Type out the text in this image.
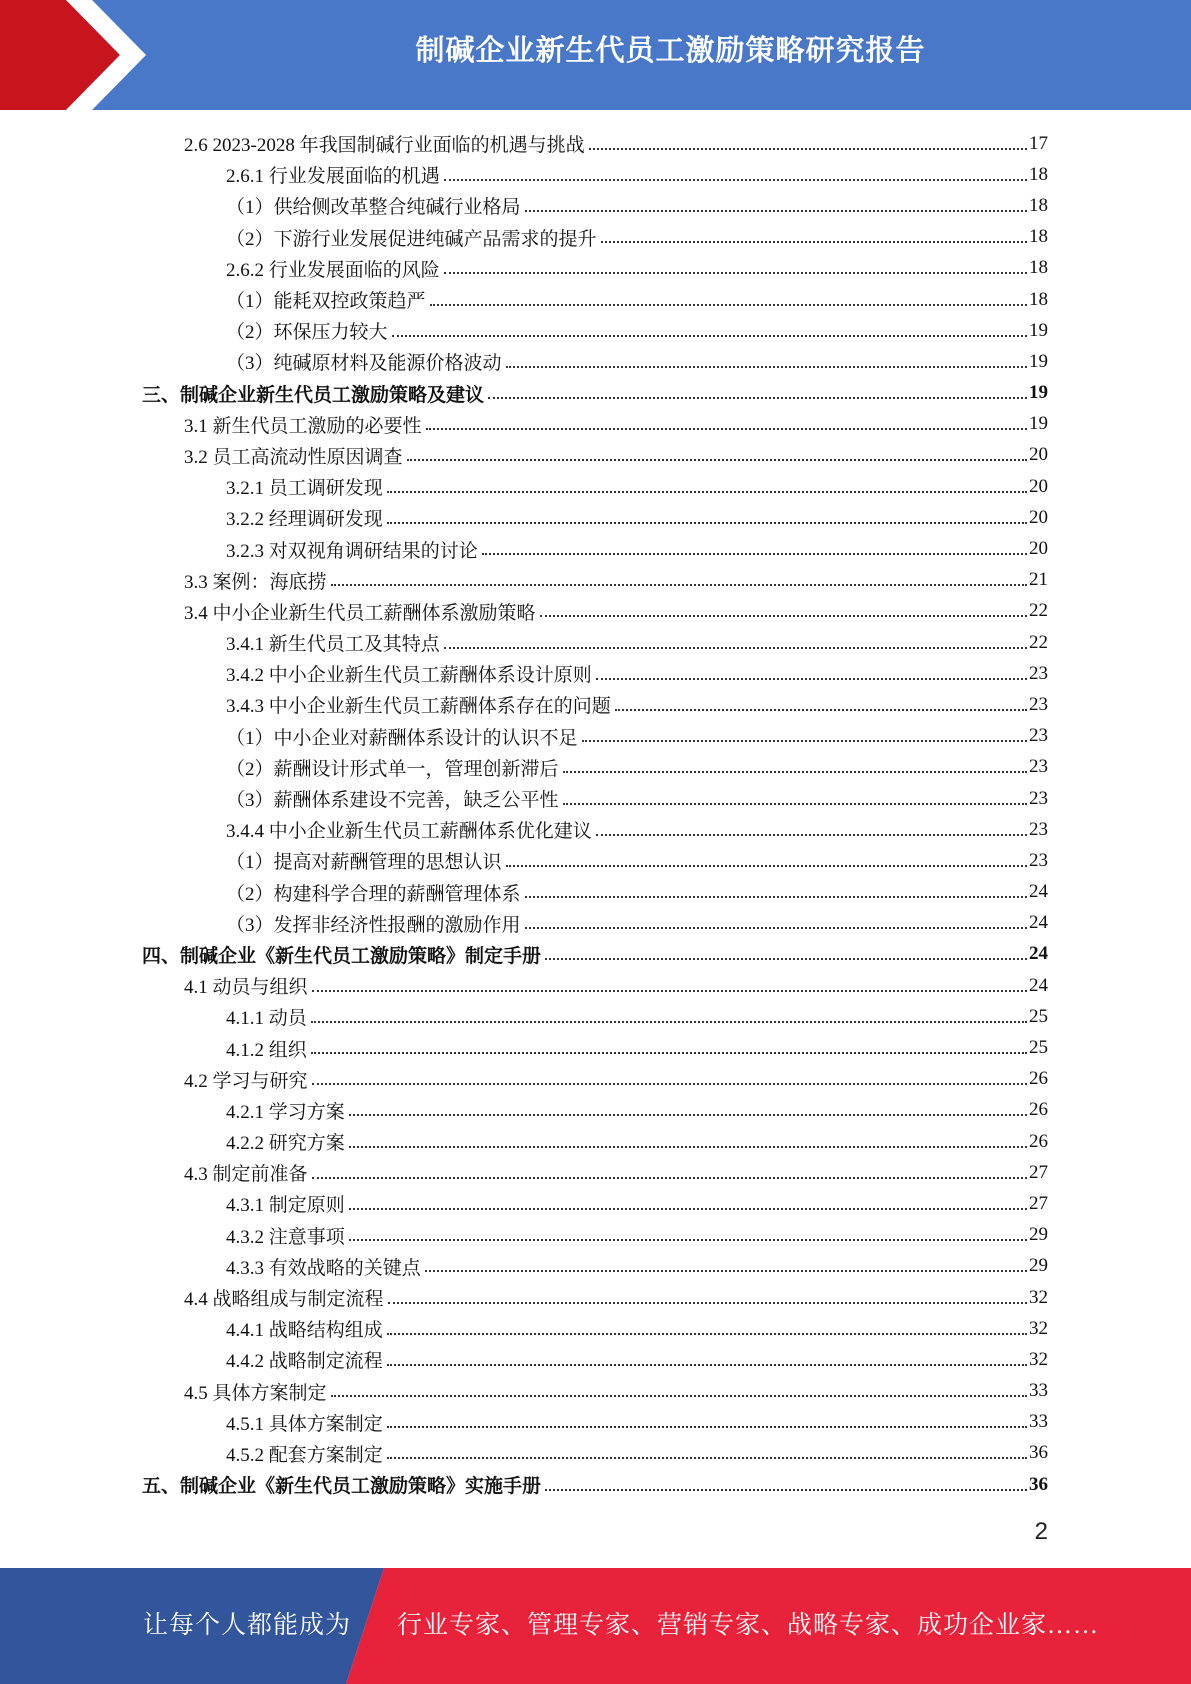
制碱企业新生代员工激励策略研究报告
2.6 2023-2028 年我国制碱行业面临的机遇与挑战	17
2.6.1 行业发展面临的机遇	18
（1）供给侧改革整合纯碱行业格局	18
（2）下游行业发展促进纯碱产品需求的提升	18
2.6.2 行业发展面临的风险	18
（1）能耗双控政策趋严	18
（2）环保压力较大	19
（3）纯碱原材料及能源价格波动	19
三、制碱企业新生代员工激励策略及建议	19
3.1 新生代员工激励的必要性	19
3.2 员工高流动性原因调查	20
3.2.1 员工调研发现	20
3.2.2 经理调研发现	20
3.2.3 对双视角调研结果的讨论	20
3.3 案例：海底捞	21
3.4 中小企业新生代员工薪酬体系激励策略	22
3.4.1 新生代员工及其特点	22
3.4.2 中小企业新生代员工薪酬体系设计原则	23
3.4.3 中小企业新生代员工薪酬体系存在的问题	23
（1）中小企业对薪酬体系设计的认识不足	23
（2）薪酬设计形式单一，管理创新滞后	23
（3）薪酬体系建设不完善，缺乏公平性	23
3.4.4 中小企业新生代员工薪酬体系优化建议	23
（1）提高对薪酬管理的思想认识	23
（2）构建科学合理的薪酬管理体系	24
（3）发挥非经济性报酬的激励作用	24
四、制碱企业《新生代员工激励策略》制定手册	24
4.1 动员与组织	24
4.1.1 动员	25
4.1.2 组织	25
4.2 学习与研究	26
4.2.1 学习方案	26
4.2.2 研究方案	26
4.3 制定前准备	27
4.3.1 制定原则	27
4.3.2 注意事项	29
4.3.3 有效战略的关键点	29
4.4 战略组成与制定流程	32
4.4.1 战略结构组成	32
4.4.2 战略制定流程	32
4.5 具体方案制定	33
4.5.1 具体方案制定	33
4.5.2 配套方案制定	36
五、制碱企业《新生代员工激励策略》实施手册	36
2
让每个人都能成为 行业专家、管理专家、营销专家、战略专家、成功企业家……
